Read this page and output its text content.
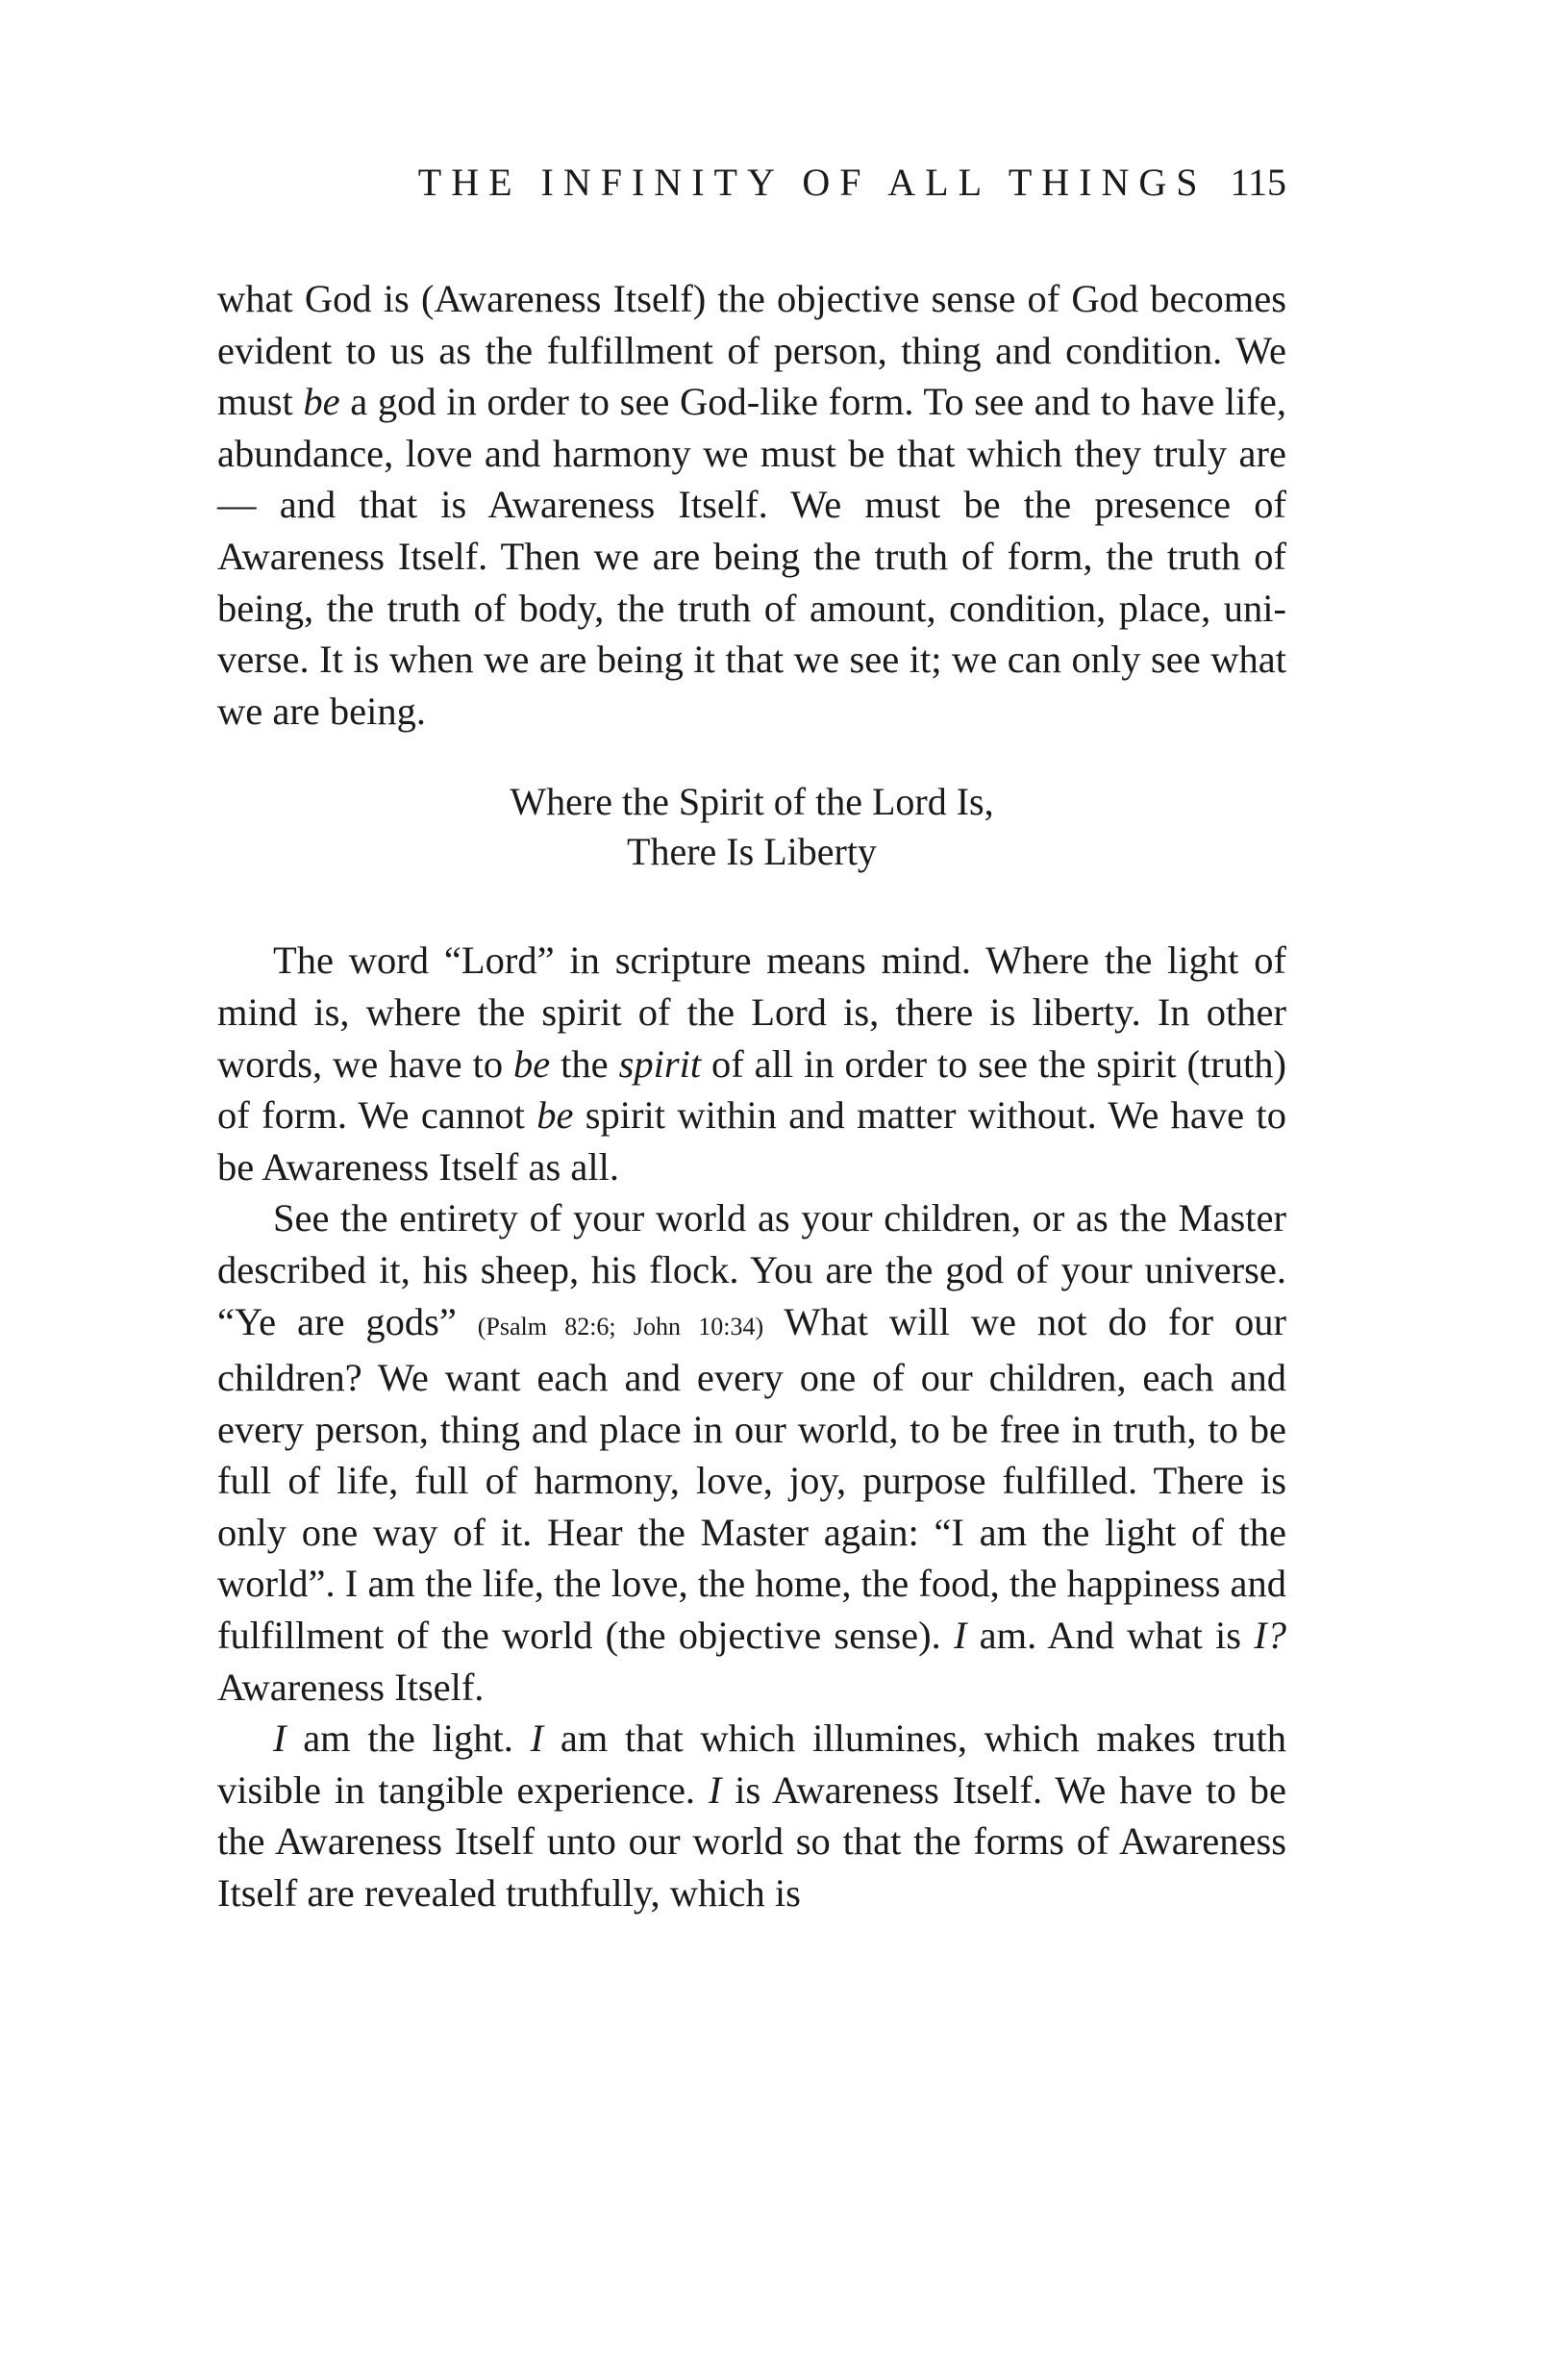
THE INFINITY OF ALL THINGS 115

what God is (Awareness Itself) the objective sense of God becomes evident to us as the fulfillment of person, thing and condition. We must be a god in order to see God-like form. To see and to have life, abundance, love and harmony we must be that which they truly are — and that is Awareness Itself. We must be the presence of Awareness Itself. Then we are being the truth of form, the truth of being, the truth of body, the truth of amount, condition, place, universe. It is when we are being it that we see it; we can only see what we are being.

Where the Spirit of the Lord Is,
There Is Liberty

The word “Lord” in scripture means mind. Where the light of mind is, where the spirit of the Lord is, there is liberty. In other words, we have to be the spirit of all in order to see the spirit (truth) of form. We cannot be spirit within and matter without. We have to be Awareness Itself as all.

See the entirety of your world as your children, or as the Master described it, his sheep, his flock. You are the god of your universe. “Ye are gods” (Psalm 82:6; John 10:34) What will we not do for our children? We want each and every one of our children, each and every person, thing and place in our world, to be free in truth, to be full of life, full of harmony, love, joy, purpose fulfilled. There is only one way of it. Hear the Master again: “I am the light of the world”. I am the life, the love, the home, the food, the happiness and fulfillment of the world (the objective sense). I am. And what is I? Awareness Itself.

I am the light. I am that which illumines, which makes truth visible in tangible experience. I is Awareness Itself. We have to be the Awareness Itself unto our world so that the forms of Awareness Itself are revealed truthfully, which is
